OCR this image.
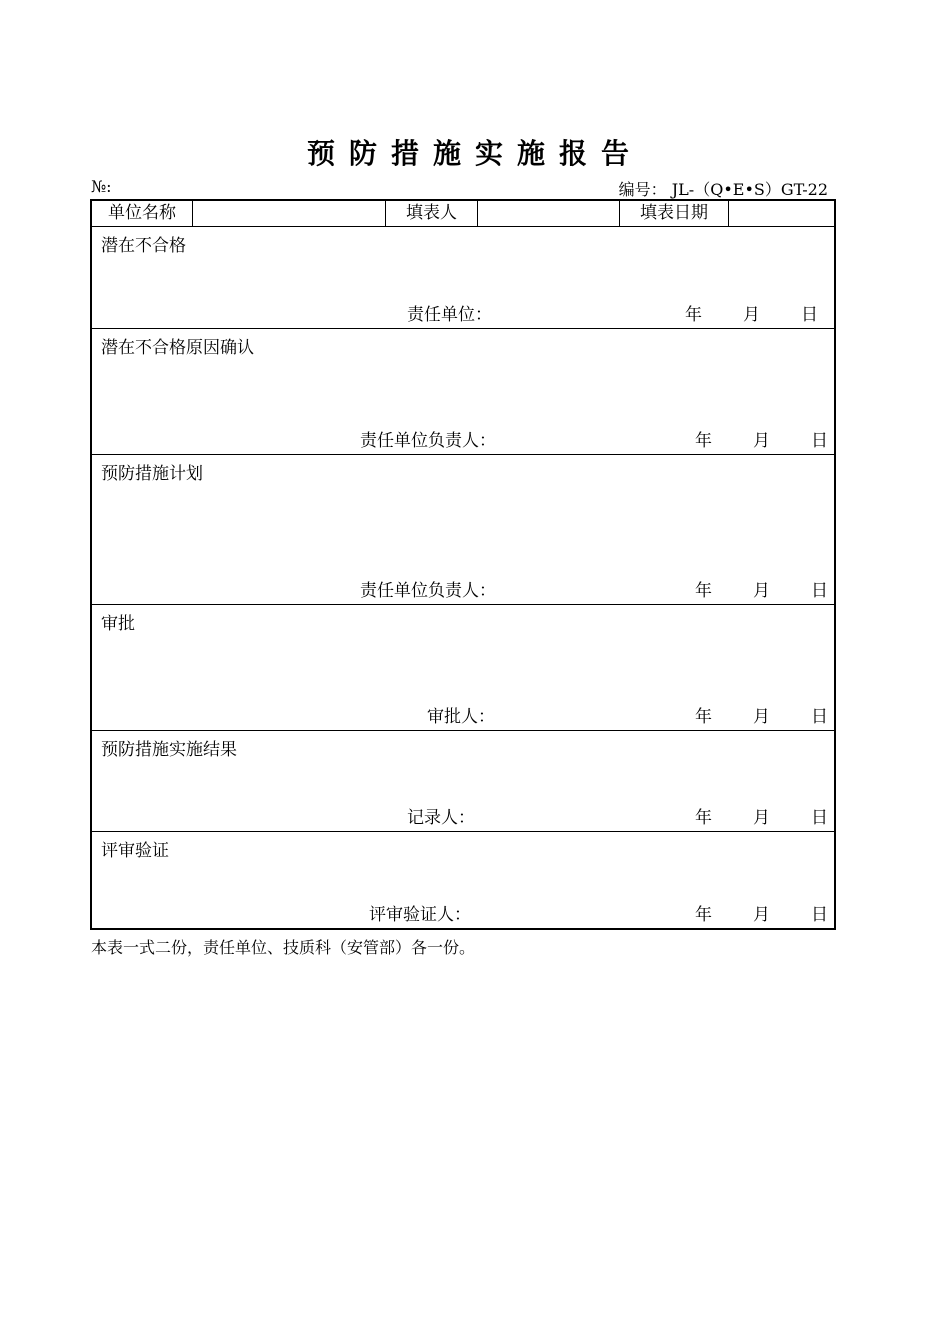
预防措施实施报告
№:	编号： JL-（Q•E•S）GT-22
单位名称	填表人	填表日期
潜在不合格
责任单位：	年 月 日
潜在不合格原因确认
责任单位负责人：	年 月 日
预防措施计划
责任单位负责人：	年 月 日
审批
审批人：	年 月 日
预防措施实施结果
记录人：	年 月 日
评审验证
评审验证人：	年 月 日
本表一式二份，责任单位、技质科（安管部）各一份。
